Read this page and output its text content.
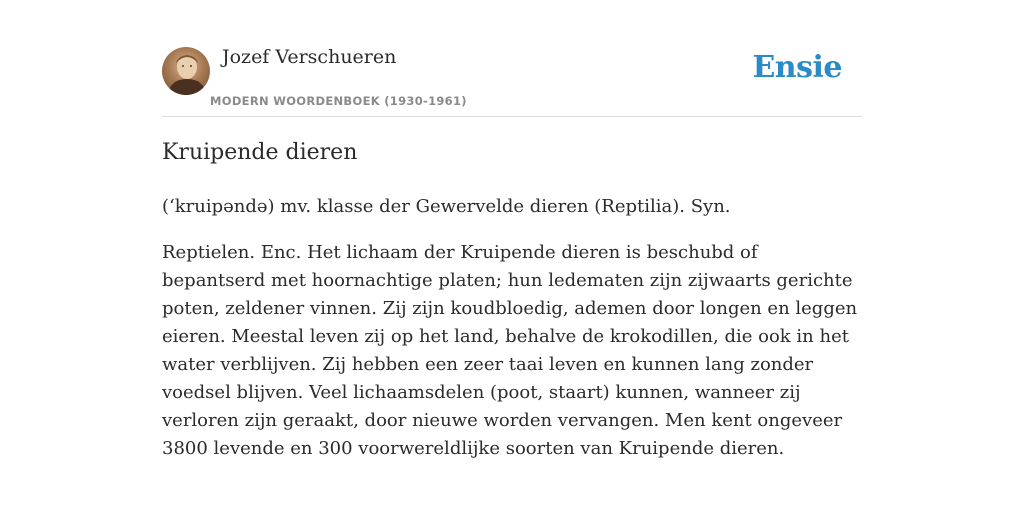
Jozef Verschueren
MODERN WOORDENBOEK (1930-1961)
Ensie
Kruipende dieren

(ʻkruipəndə) mv. klasse der Gewervelde dieren (Reptilia). Syn.

Reptielen. Enc. Het lichaam der Kruipende dieren is beschubd of bepantserd met hoornachtige platen; hun ledematen zijn zijwaarts gerichte poten, zeldener vinnen. Zij zijn koudbloedig, ademen door longen en leggen eieren. Meestal leven zij op het land, behalve de krokodillen, die ook in het water verblijven. Zij hebben een zeer taai leven en kunnen lang zonder voedsel blijven. Veel lichaamsdelen (poot, staart) kunnen, wanneer zij verloren zijn geraakt, door nieuwe worden vervangen. Men kent ongeveer 3800 levende en 300 voorwereldlijke soorten van Kruipende dieren.
